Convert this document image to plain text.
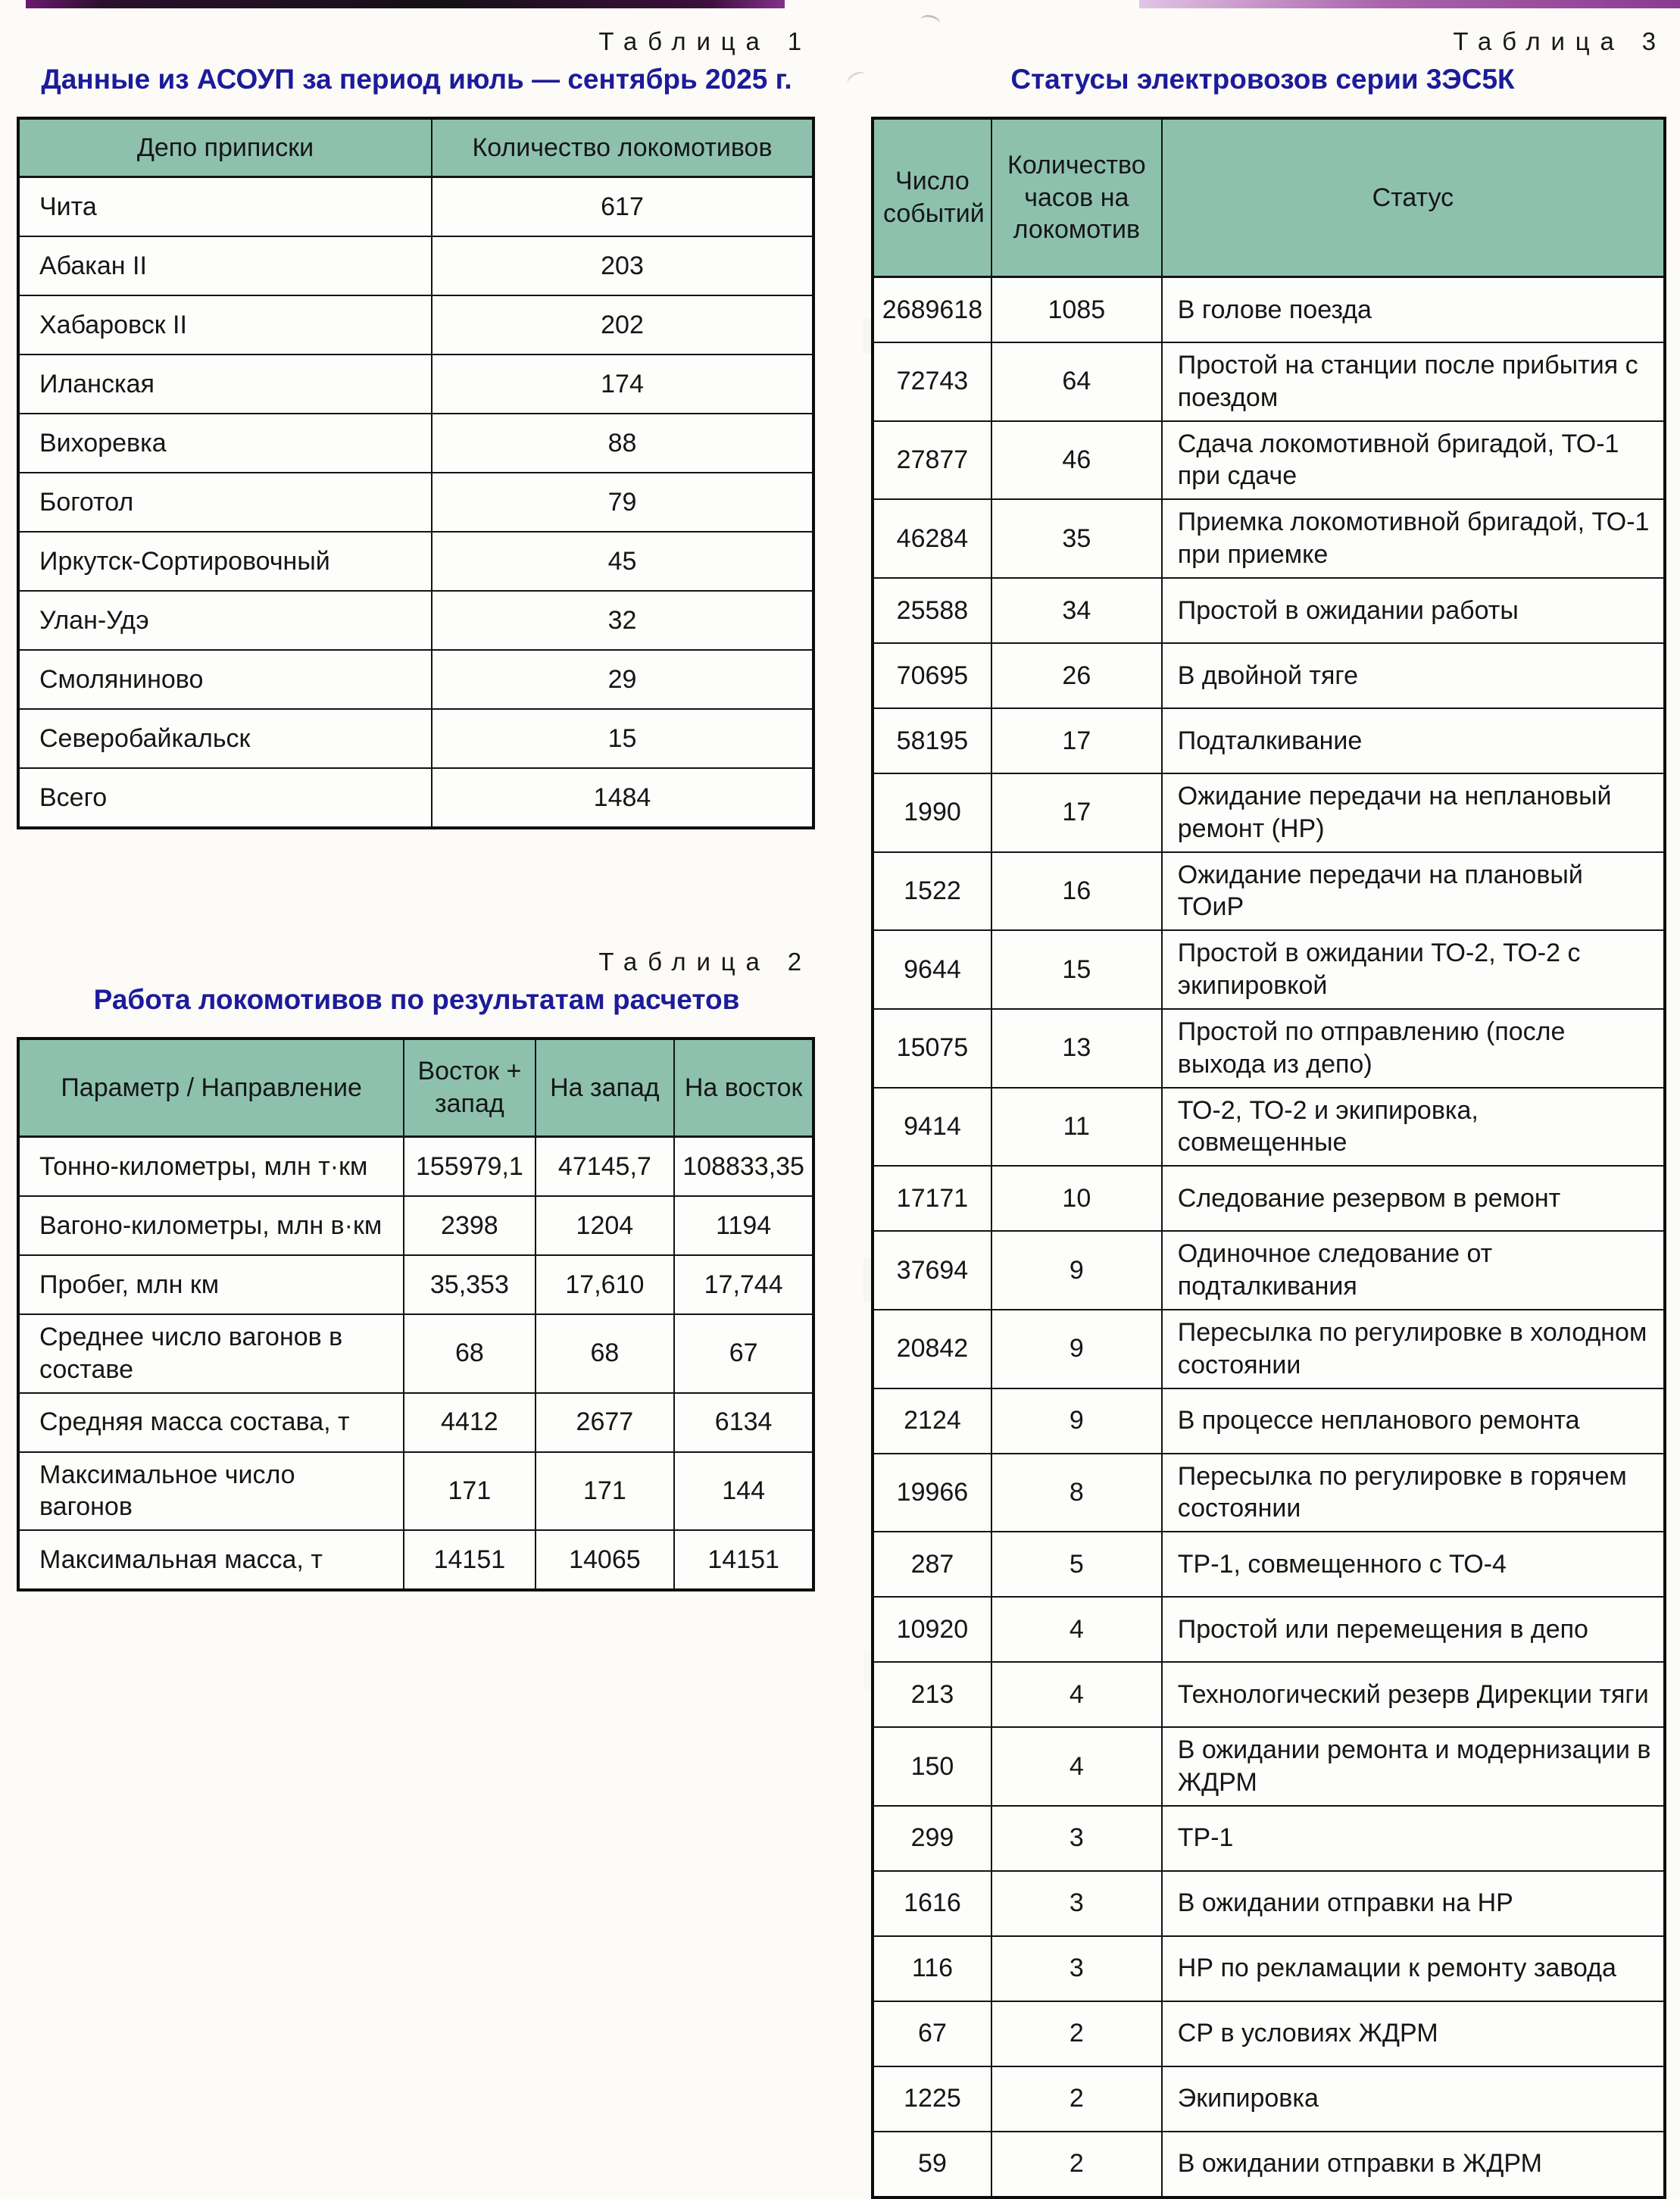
Таблица 1
Данные из АСОУП за период июль — сентябрь 2025 г.
Депо приписки	Количество локомотивов
Чита	617
Абакан II	203
Хабаровск II	202
Иланская	174
Вихоревка	88
Боготол	79
Иркутск-Сортировочный	45
Улан-Удэ	32
Смоляниново	29
Северобайкальск	15
Всего	1484
Таблица 2
Работа локомотивов по результатам расчетов
Параметр / Направление	Восток + запад	На запад	На восток
Тонно-километры, млн т·км	155979,1	47145,7	108833,35
Вагоно-километры, млн в·км	2398	1204	1194
Пробег, млн км	35,353	17,610	17,744
Среднее число вагонов в составе	68	68	67
Средняя масса состава, т	4412	2677	6134
Максимальное число вагонов	171	171	144
Максимальная масса, т	14151	14065	14151
Таблица 3
Статусы электровозов серии 3ЭС5К
Число событий	Количество часов на локомотив	Статус
2689618	1085	В голове поезда
72743	64	Простой на станции после прибытия с поездом
27877	46	Сдача локомотивной бригадой, ТО-1 при сдаче
46284	35	Приемка локомотивной бригадой, ТО-1 при приемке
25588	34	Простой в ожидании работы
70695	26	В двойной тяге
58195	17	Подталкивание
1990	17	Ожидание передачи на неплановый ремонт (НР)
1522	16	Ожидание передачи на плановый ТОиР
9644	15	Простой в ожидании ТО-2, ТО-2 с экипировкой
15075	13	Простой по отправлению (после выхода из депо)
9414	11	ТО-2, ТО-2 и экипировка, совмещенные
17171	10	Следование резервом в ремонт
37694	9	Одиночное следование от подталкивания
20842	9	Пересылка по регулировке в холодном состоянии
2124	9	В процессе непланового ремонта
19966	8	Пересылка по регулировке в горячем состоянии
287	5	ТР-1, совмещенного с ТО-4
10920	4	Простой или перемещения в депо
213	4	Технологический резерв Дирекции тяги
150	4	В ожидании ремонта и модернизации в ЖДРМ
299	3	ТР-1
1616	3	В ожидании отправки на НР
116	3	НР по рекламации к ремонту завода
67	2	СР в условиях ЖДРМ
1225	2	Экипировка
59	2	В ожидании отправки в ЖДРМ
